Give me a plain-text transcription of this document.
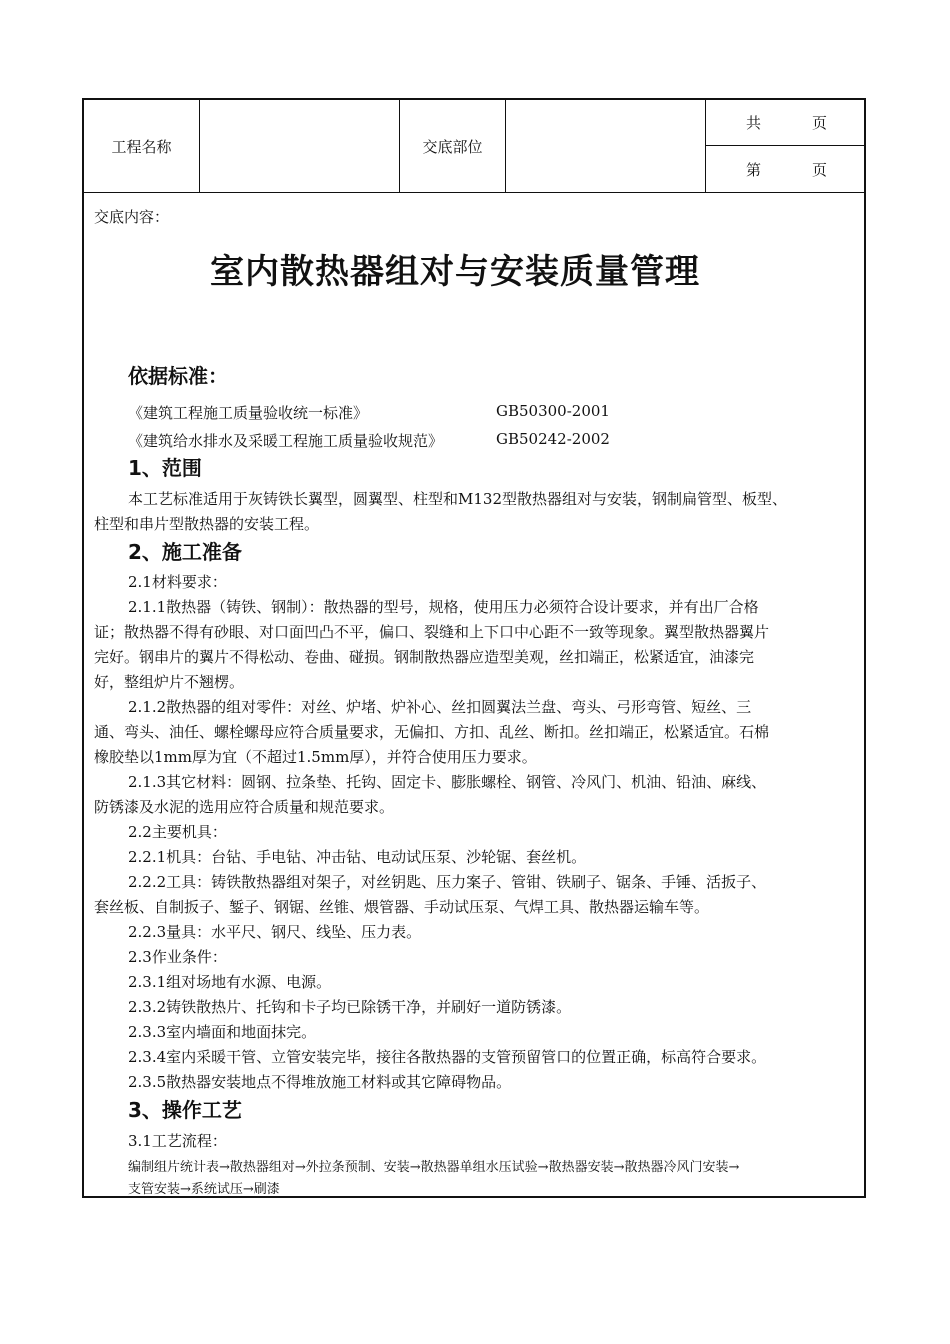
工程名称	交底部位
共	页
第	页
交底内容：
室内散热器组对与安装质量管理
依据标准：
《建筑工程施工质量验收统一标准》	GB50300-2001
《建筑给水排水及采暖工程施工质量验收规范》	GB50242-2002
1、范围
本工艺标准适用于灰铸铁长翼型，圆翼型、柱型和M132型散热器组对与安装，钢制扁管型、板型、
柱型和串片型散热器的安装工程。
2、施工准备
2.1材料要求：
2.1.1散热器（铸铁、钢制）：散热器的型号，规格，使用压力必须符合设计要求，并有出厂合格
证；散热器不得有砂眼、对口面凹凸不平，偏口、裂缝和上下口中心距不一致等现象。翼型散热器翼片
完好。钢串片的翼片不得松动、卷曲、碰损。钢制散热器应造型美观，丝扣端正，松紧适宜，油漆完
好，整组炉片不翘楞。
2.1.2散热器的组对零件：对丝、炉堵、炉补心、丝扣圆翼法兰盘、弯头、弓形弯管、短丝、三
通、弯头、油任、螺栓螺母应符合质量要求，无偏扣、方扣、乱丝、断扣。丝扣端正，松紧适宜。石棉
橡胶垫以1mm厚为宜（不超过1.5mm厚），并符合使用压力要求。
2.1.3其它材料：圆钢、拉条垫、托钩、固定卡、膨胀螺栓、钢管、冷风门、机油、铅油、麻线、
防锈漆及水泥的选用应符合质量和规范要求。
2.2主要机具：
2.2.1机具：台钻、手电钻、冲击钻、电动试压泵、沙轮锯、套丝机。
2.2.2工具：铸铁散热器组对架子，对丝钥匙、压力案子、管钳、铁刷子、锯条、手锤、活扳子、
套丝板、自制扳子、錾子、钢锯、丝锥、煨管器、手动试压泵、气焊工具、散热器运输车等。
2.2.3量具：水平尺、钢尺、线坠、压力表。
2.3作业条件：
2.3.1组对场地有水源、电源。
2.3.2铸铁散热片、托钩和卡子均已除锈干净，并刷好一道防锈漆。
2.3.3室内墙面和地面抹完。
2.3.4室内采暖干管、立管安装完毕，接往各散热器的支管预留管口的位置正确，标高符合要求。
2.3.5散热器安装地点不得堆放施工材料或其它障碍物品。
3、操作工艺
3.1工艺流程：
编制组片统计表→散热器组对→外拉条预制、安装→散热器单组水压试验→散热器安装→散热器冷风门安装→
支管安装→系统试压→刷漆
